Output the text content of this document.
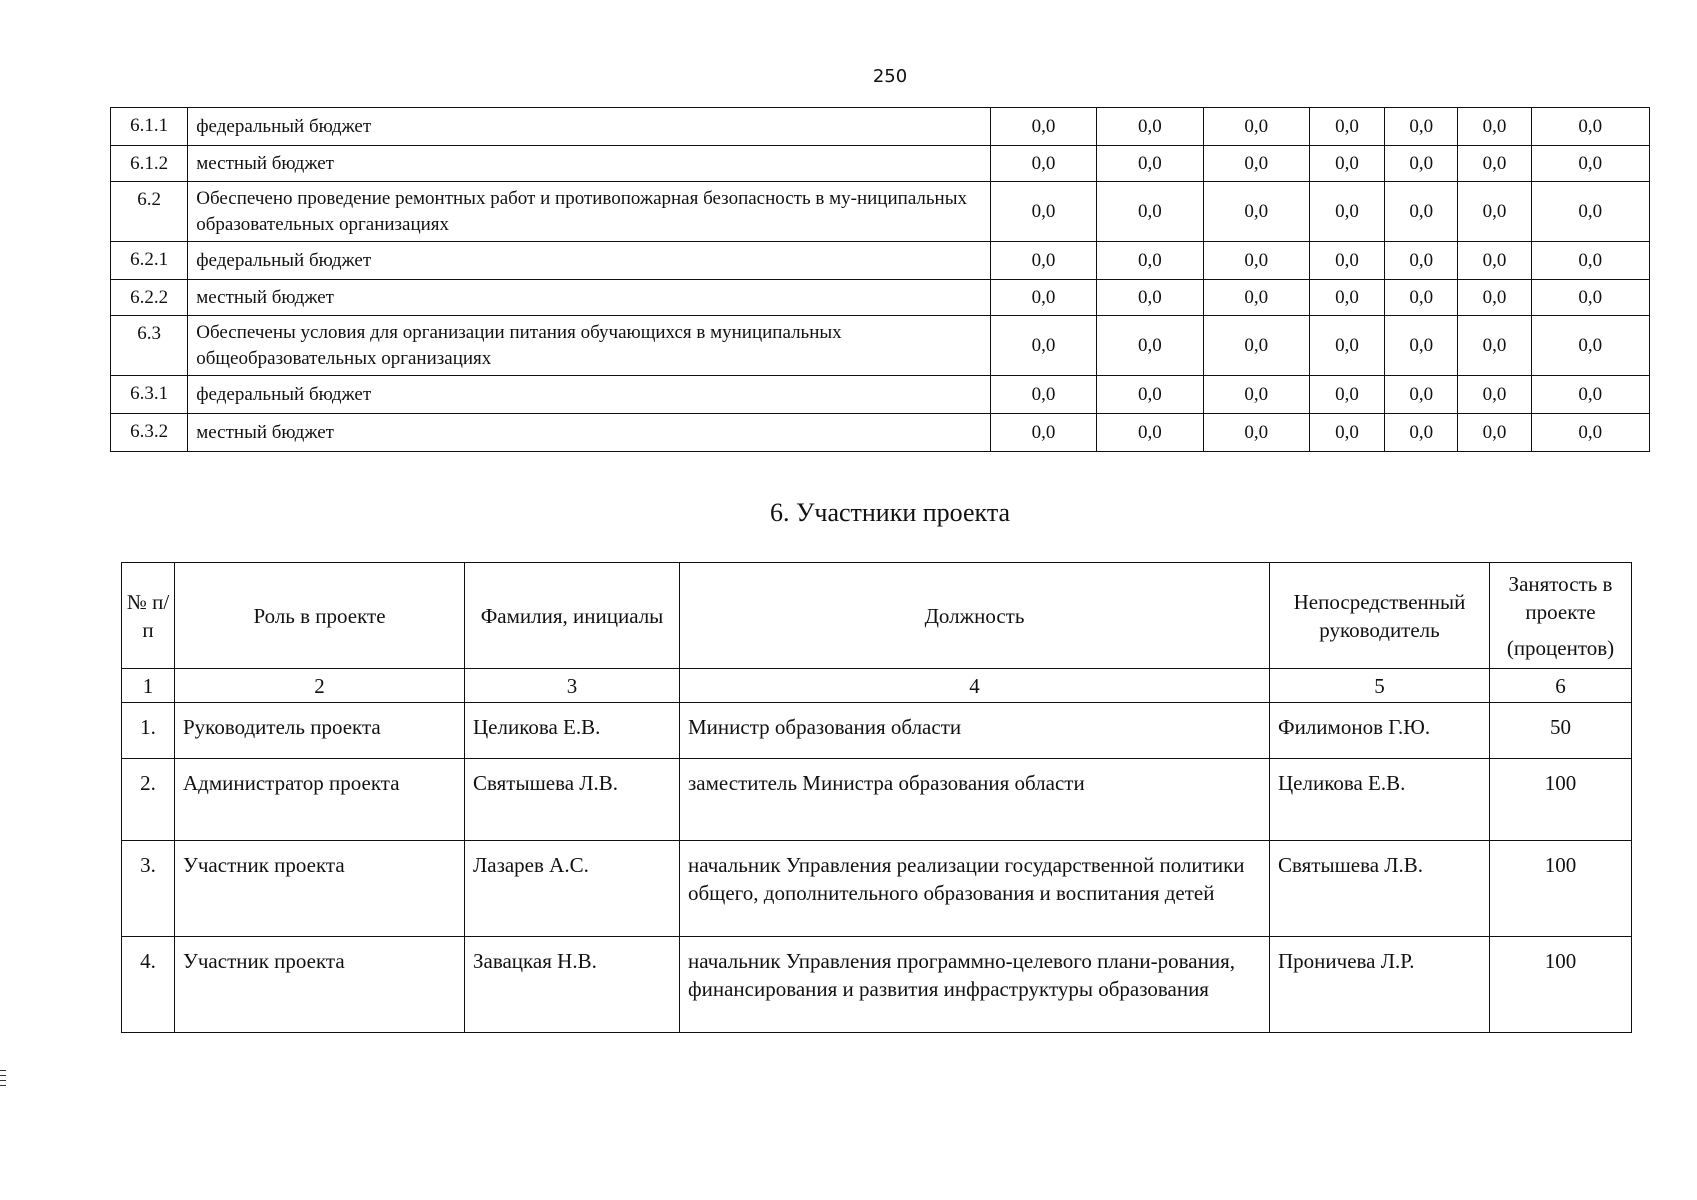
250
6.1.1	федеральный бюджет	0,0	0,0	0,0	0,0	0,0	0,0	0,0
6.1.2	местный бюджет	0,0	0,0	0,0	0,0	0,0	0,0	0,0
6.2	Обеспечено проведение ремонтных работ и противопожарная безопасность в му-ниципальных образовательных организациях	0,0	0,0	0,0	0,0	0,0	0,0	0,0
6.2.1	федеральный бюджет	0,0	0,0	0,0	0,0	0,0	0,0	0,0
6.2.2	местный бюджет	0,0	0,0	0,0	0,0	0,0	0,0	0,0
6.3	Обеспечены условия для организации питания обучающихся в муниципальных общеобразовательных организациях	0,0	0,0	0,0	0,0	0,0	0,0	0,0
6.3.1	федеральный бюджет	0,0	0,0	0,0	0,0	0,0	0,0	0,0
6.3.2	местный бюджет	0,0	0,0	0,0	0,0	0,0	0,0	0,0
6. Участники проекта
№ п/п	Роль в проекте	Фамилия, инициалы	Должность	Непосредственный руководитель	Занятость в проекте
(процентов)

1	2	3	4	5	6
1.	Руководитель проекта	Целикова Е.В.	Министр образования области	Филимонов Г.Ю.	50
2.	Администратор проекта	Святышева Л.В.	заместитель Министра образования области	Целикова Е.В.	100
3.	Участник проекта	Лазарев А.С.	начальник Управления реализации государственной политики общего, дополнительного образования и воспитания детей	Святышева Л.В.	100
4.	Участник проекта	Завацкая Н.В.	начальник Управления программно-целевого плани-рования, финансирования и развития инфраструктуры образования	Проничева Л.Р.	100
